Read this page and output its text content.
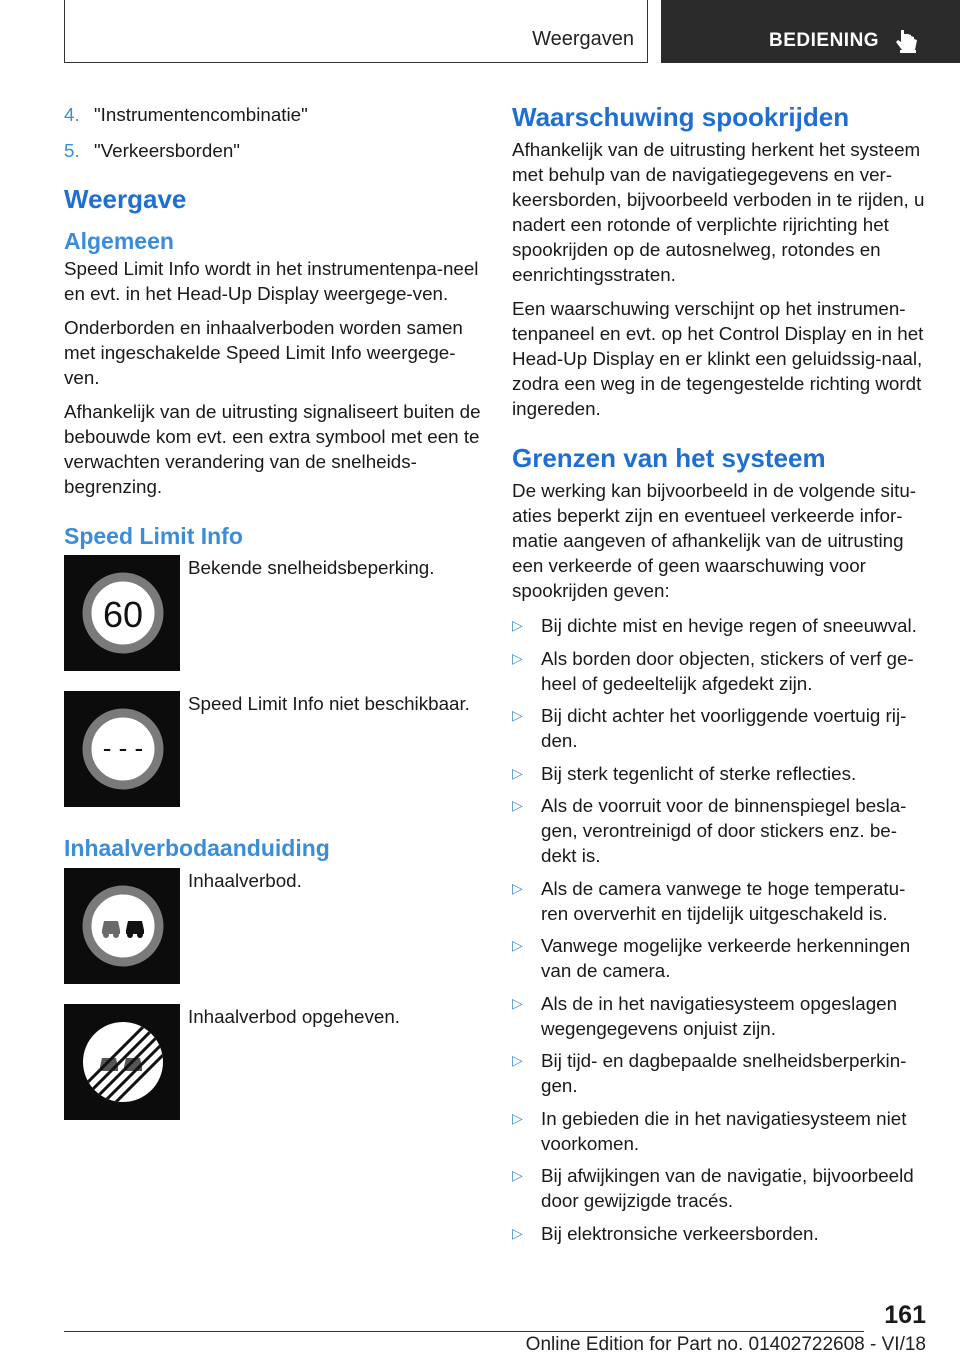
Weergaven	BEDIENING
4. "Instrumentencombinatie"
5. "Verkeersborden"
Weergave
Algemeen

Speed Limit Info wordt in het instrumentenpa-neel en evt. in het Head-Up Display weergege-ven.

Onderborden en inhaalverboden worden samen met ingeschakelde Speed Limit Info weergege-ven.

Afhankelijk van de uitrusting signaliseert buiten de bebouwde kom evt. een extra symbool met een te verwachten verandering van de snelheids-begrenzing.

Speed Limit Info
60
Bekende snelheidsbeperking.
- - -
Speed Limit Info niet beschikbaar.
Inhaalverbodaanduiding
Inhaalverbod.
Inhaalverbod opgeheven.
Waarschuwing spookrijden

Afhankelijk van de uitrusting herkent het systeem met behulp van de navigatiegegevens en ver-keersborden, bijvoorbeeld verboden in te rijden, u nadert een rotonde of verplichte rijrichting het spookrijden op de autosnelweg, rotondes en eenrichtingsstraten.

Een waarschuwing verschijnt op het instrumen-tenpaneel en evt. op het Control Display en in het Head-Up Display en er klinkt een geluidssig-naal, zodra een weg in de tegengestelde richting wordt ingereden.

Grenzen van het systeem

De werking kan bijvoorbeeld in de volgende situ-aties beperkt zijn en eventueel verkeerde infor-matie aangeven of afhankelijk van de uitrusting een verkeerde of geen waarschuwing voor spookrijden geven:

▷ Bij dichte mist en hevige regen of sneeuwval.
▷ Als borden door objecten, stickers of verf ge-heel of gedeeltelijk afgedekt zijn.
▷ Bij dicht achter het voorliggende voertuig rij-den.
▷ Bij sterk tegenlicht of sterke reflecties.
▷ Als de voorruit voor de binnenspiegel besla-gen, verontreinigd of door stickers enz. be-dekt is.
▷ Als de camera vanwege te hoge temperatu-ren oververhit en tijdelijk uitgeschakeld is.
▷ Vanwege mogelijke verkeerde herkenningen van de camera.
▷ Als de in het navigatiesysteem opgeslagen wegengegevens onjuist zijn.
▷ Bij tijd- en dagbepaalde snelheidsberperkin-gen.
▷ In gebieden die in het navigatiesysteem niet voorkomen.
▷ Bij afwijkingen van de navigatie, bijvoorbeeld door gewijzigde tracés.
▷ Bij elektronsiche verkeersborden.
161
Online Edition for Part no. 01402722608 - VI/18
